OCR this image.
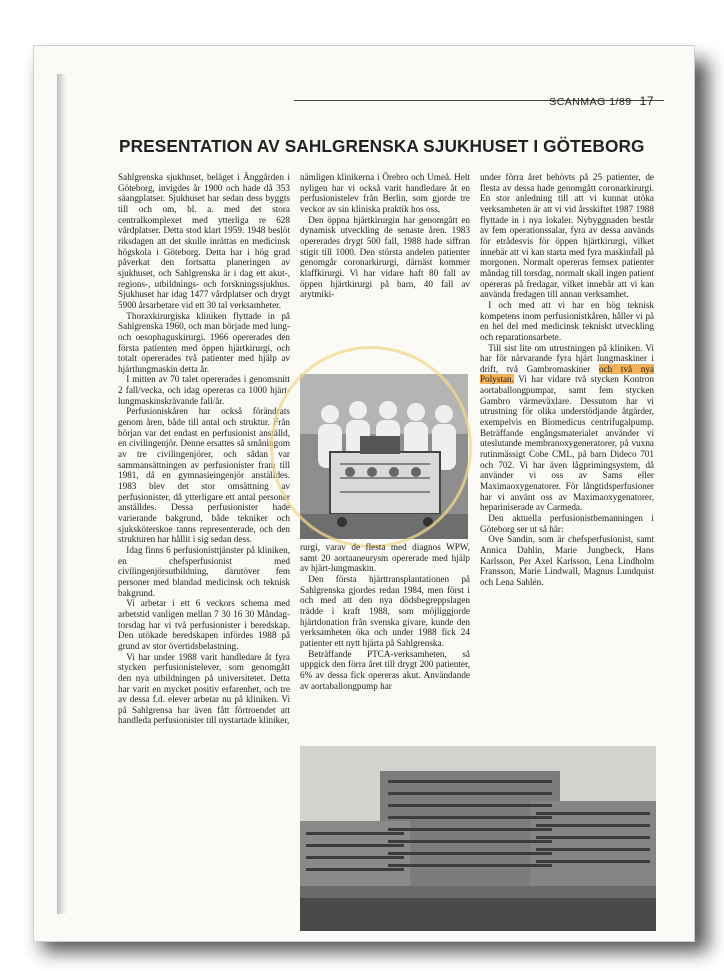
SCANMAG 1/89 17
PRESENTATION AV SAHLGRENSKA SJUKHUSET I GÖTEBORG

Sahlgrenska sjukhuset, beläget i Änggården i Göteborg, invigdes år 1900 och hade då 353 säangplatser. Sjukhuset har sedan dess byggts till och om, bl. a. med det stora centralkomplexet med ytterliga re 628 vårdplatser. Detta stod klart 1959. 1948 beslöt riksdagen att det skulle inrättas en medicinsk högskola i Göteborg. Detta har i hög grad påverkat den fortsatta planeringen av sjukhuset, och Sahlgrenska är i dag ett akut-, regions-, utbildnings- och forskningssjukhus. Sjukhuset har idag 1477 vårdplatser och drygt 5900 årsarbetare vid ett 30 tal verksamheter.

Thoraxkirurgiska kliniken flyttade in på Sahlgrenska 1960, och man började med lung- och oesophaguskirurgi. 1966 opererades den första patienten med öppen hjärtkirurgi, och totalt opererades två patienter med hjälp av hjärtlungmaskin detta år.

I mitten av 70 talet opererades i genomsnitt 2 fall/vecka, och idag opereras ca 1000 hjärt-lungmaskinskrävande fall/år.

Perfusioniskåren har också förändrats genom åren, både till antal och struktur. Från början var det endast en perfusionist anställd, en civilingenjör. Denne ersattes så småningom av tre civilingenjörer, och sådan var sammansättningen av perfusionister fram till 1981, då en gymnasieingenjör anställdes. 1983 blev det stor omsättning av perfusionister, då ytterligare ett antal personer anställdes. Dessa perfusionister hade varierande bakgrund, både tekniker och sjuksköterskoe tanns representerade, och den strukturen har hållit i sig sedan dess.

Idag finns 6 perfusionisttjänster på kliniken, en chefsperfusionist med civilingenjörsutbildning, därutöver fem personer med blandad medicinsk och teknisk bakgrund.

Vi arbetar i ett 6 veckors schema med arbetstid vanligen mellan 7 30 16 30 Måndag-torsdag har vi två perfusionister i beredskap. Den utökade beredskapen infördes 1988 på grund av stor övertidsbelastning.

Vi har under 1988 varit handledare åt fyra stycken perfusionistelever, som genomgått den nya utbildningen på universitetet. Detta har varit en mycket positiv erfarenhet, och tre av dessa f.d. elever arbetar nu på kliniken. Vi på Sahlgrensa har även fått förtroendet att handleda perfusionister till nystartade kliniker,

nämligen klinikerna i Örebro och Umeå. Helt nyligen har vi också varit handledare åt en perfusionistelev från Berlin, som gjorde tre veckor av sin kliniska praktik hos oss.

Den öppna hjärtkirurgin har genomgått en dynamisk utveckling de senaste åren. 1983 opererades drygt 500 fall, 1988 hade siffran stigit till 1000. Den största andelen patienter genomgår coronarkirurgi, därnäst kommer klaffkirurgi. Vi har vidare haft 80 fall av öppen hjärtkirurgi på barn, 40 fall av arytmiki-

rurgi, varav de flesta med diagnos WPW, samt 20 aortaaneurysm opererade med hjälp av hjärt-lungmaskin.

Den första hjärttransplantationen på Sahlgrenska gjordes redan 1984, men först i och med att den nya dödsbegreppslagen trädde i kraft 1988, som möjliggjorde hjärtdonation från svenska givare, kunde den verksamheten öka och under 1988 fick 24 patienter ett nytt hjärta på Sahlgrenska.

Beträffande PTCA-verksamheten, så uppgick den förra året till drygt 200 patienter, 6% av dessa fick opereras akut. Användande av aortaballongpump har

under förra året behövts på 25 patienter, de flesta av dessa hade genomgått coronarkirurgi. En stor anledning till att vi kunnat utöka verksamheten är att vi vid årsskiftet 1987 1988 flyttade in i nya lokaler. Nybyggnaden består av fem operationssalar, fyra av dessa används för etrådesvis för öppen hjärtkirurgi, vilket innebär att vi kan starta med fyra maskinfall på morgonen. Normalt opereras femsex patienter måndag till torsdag, normalt skall ingen patient opereras på fredagar, vilket innebär att vi kan använda fredagen till annan verksamhet.

I och med att vi har en hög teknisk kompetens inom perfusionistkåren, håller vi på en hel del med medicinsk tekniskt utveckling och reparationsarbete.

Till sist lite om utrustningen på kliniken. Vi har för närvarande fyra hjärt lungmaskiner i drift, två Gambromaskiner och två nya Polystan. Vi har vidare två stycken Kontron aortaballongpumpar, samt fem stycken Gambro värmeväxlare. Dessutom har vi utrustning för olika understödjande åtgärder, exempelvis en Biomedicus centrifugalpump. Beträffande engångsmaterialet använder vi uteslutande membranoxygeneratorer, på vuxna rutinmässigt Cobe CML, på barn Dideco 701 och 702. Vi har även lågprimingsystem, då använder vi oss av Sams eller Maximaoxygenatorer. För långtidsperfusioner har vi använt oss av Maximaoxygenatorer, hepariniserade av Carmeda.

Den aktuella perfusionistbemanningen i Göteborg ser ut så här:

Ove Sandin, som är chefsperfusionist, samt Annica Dahlin, Marie Jungbeck, Hans Karlsson, Per Axel Karlsson, Lena Lindholm Fransson, Marie Lindwall, Magnus Lundquist och Lena Sahlén.
